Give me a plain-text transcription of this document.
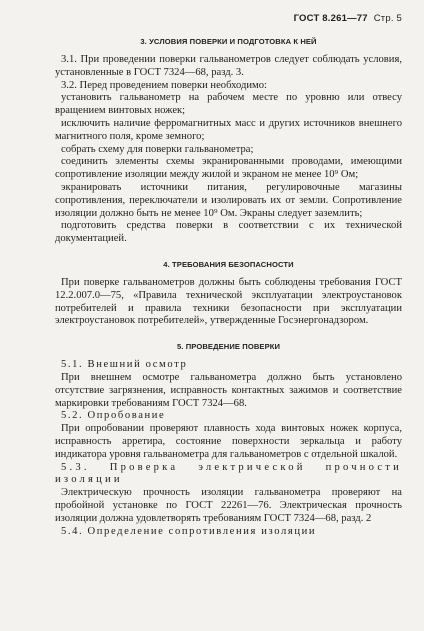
ГОСТ 8.261—77 Стр. 5
3. УСЛОВИЯ ПОВЕРКИ И ПОДГОТОВКА К НЕЙ

3.1. При проведении поверки гальванометров следует соблюдать условия, установленные в ГОСТ 7324—68, разд. 3.

3.2. Перед проведением поверки необходимо:

установить гальванометр на рабочем месте по уровню или отвесу вращением винтовых ножек;

исключить наличие ферромагнитных масс и других источников внешнего магнитного поля, кроме земного;

собрать схему для поверки гальванометра;

соединить элементы схемы экранированными проводами, имеющими сопротивление изоляции между жилой и экраном не менее 10⁹ Ом;

экранировать источники питания, регулировочные магазины сопротивления, переключатели и изолировать их от земли. Сопротивление изоляции должно быть не менее 10⁹ Ом. Экраны следует заземлить;

подготовить средства поверки в соответствии с их технической документацией.

4. ТРЕБОВАНИЯ БЕЗОПАСНОСТИ

При поверке гальванометров должны быть соблюдены требования ГОСТ 12.2.007.0—75, «Правила технической эксплуатации электроустановок потребителей и правила техники безопасности при эксплуатации электроустановок потребителей», утвержденные Госэнергонадзором.

5. ПРОВЕДЕНИЕ ПОВЕРКИ

5.1. Внешний осмотр

При внешнем осмотре гальванометра должно быть установлено отсутствие загрязнения, исправность контактных зажимов и соответствие маркировки требованиям ГОСТ 7324—68.

5.2. Опробование

При опробовании проверяют плавность хода винтовых ножек корпуса, исправность арретира, состояние поверхности зеркальца и работу индикатора уровня гальванометра для гальванометров с отдельной шкалой.

5.3. Проверка электрической прочности изоляции

Электрическую прочность изоляции гальванометра проверяют на пробойной установке по ГОСТ 22261—76. Электрическая прочность изоляции должна удовлетворять требованиям ГОСТ 7324—68, разд. 2

5.4. Определение сопротивления изоляции
